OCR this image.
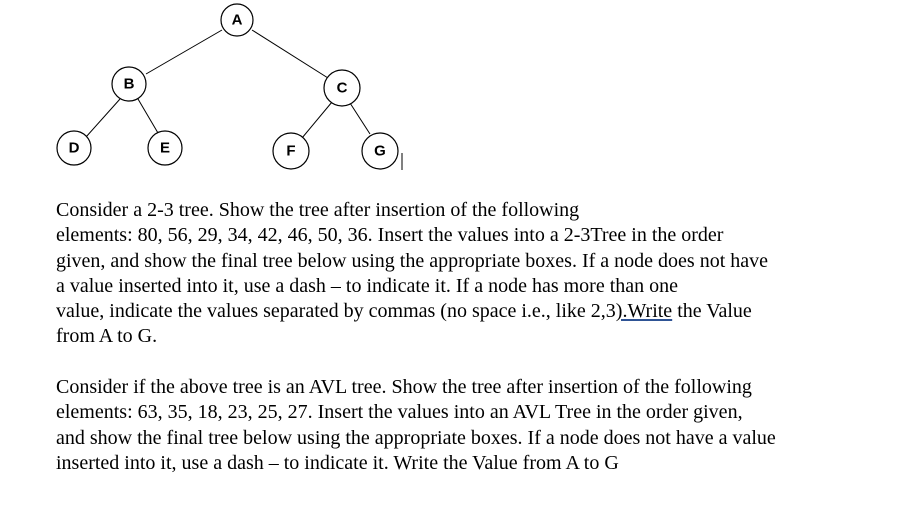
A
B	C
D	E	F	G

Consider a 2-3 tree. Show the tree after insertion of the following
elements: 80, 56, 29, 34, 42, 46, 50, 36. Insert the values into a 2-3Tree in the order
given, and show the final tree below using the appropriate boxes. If a node does not have
a value inserted into it, use a dash – to indicate it. If a node has more than one
value, indicate the values separated by commas (no space i.e., like 2,3).Write the Value
from A to G.

Consider if the above tree is an AVL tree. Show the tree after insertion of the following
elements: 63, 35, 18, 23, 25, 27. Insert the values into an AVL Tree in the order given,
and show the final tree below using the appropriate boxes. If a node does not have a value
inserted into it, use a dash – to indicate it. Write the Value from A to G
